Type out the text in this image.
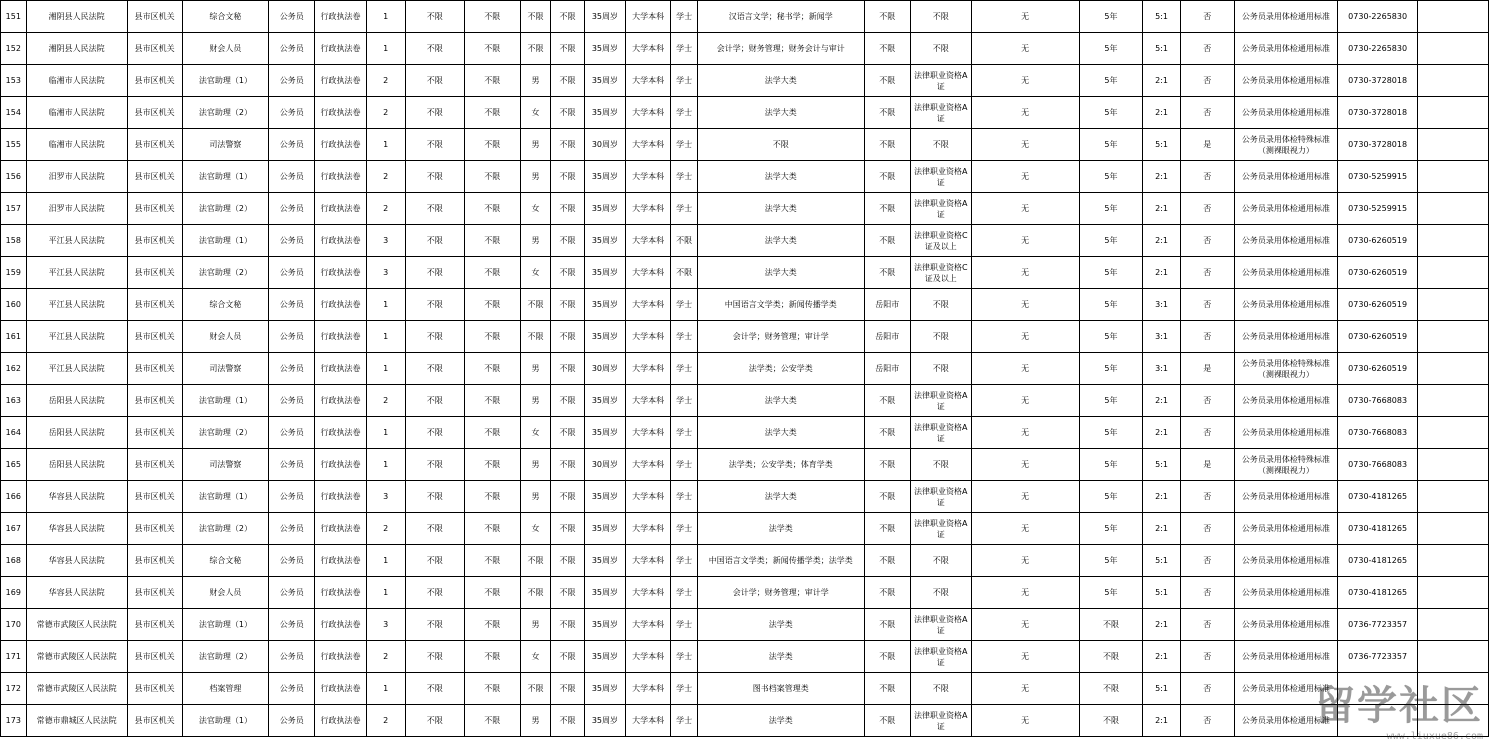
151	湘阴县人民法院	县市区机关	综合文秘	公务员	行政执法卷	1	不限	不限	不限	不限	35周岁	大学本科	学士	汉语言文学；秘书学；新闻学	不限	不限	无	5年	5:1	否	公务员录用体检通用标准	0730-2265830	
152	湘阴县人民法院	县市区机关	财会人员	公务员	行政执法卷	1	不限	不限	不限	不限	35周岁	大学本科	学士	会计学；财务管理；财务会计与审计	不限	不限	无	5年	5:1	否	公务员录用体检通用标准	0730-2265830	
153	临湘市人民法院	县市区机关	法官助理（1）	公务员	行政执法卷	2	不限	不限	男	不限	35周岁	大学本科	学士	法学大类	不限	法律职业资格A证	无	5年	2:1	否	公务员录用体检通用标准	0730-3728018	
154	临湘市人民法院	县市区机关	法官助理（2）	公务员	行政执法卷	2	不限	不限	女	不限	35周岁	大学本科	学士	法学大类	不限	法律职业资格A证	无	5年	2:1	否	公务员录用体检通用标准	0730-3728018	
155	临湘市人民法院	县市区机关	司法警察	公务员	行政执法卷	1	不限	不限	男	不限	30周岁	大学本科	学士	不限	不限	不限	无	5年	5:1	是	公务员录用体检特殊标准（测裸眼视力）	0730-3728018	
156	汨罗市人民法院	县市区机关	法官助理（1）	公务员	行政执法卷	2	不限	不限	男	不限	35周岁	大学本科	学士	法学大类	不限	法律职业资格A证	无	5年	2:1	否	公务员录用体检通用标准	0730-5259915	
157	汨罗市人民法院	县市区机关	法官助理（2）	公务员	行政执法卷	2	不限	不限	女	不限	35周岁	大学本科	学士	法学大类	不限	法律职业资格A证	无	5年	2:1	否	公务员录用体检通用标准	0730-5259915	
158	平江县人民法院	县市区机关	法官助理（1）	公务员	行政执法卷	3	不限	不限	男	不限	35周岁	大学本科	不限	法学大类	不限	法律职业资格C证及以上	无	5年	2:1	否	公务员录用体检通用标准	0730-6260519	
159	平江县人民法院	县市区机关	法官助理（2）	公务员	行政执法卷	3	不限	不限	女	不限	35周岁	大学本科	不限	法学大类	不限	法律职业资格C证及以上	无	5年	2:1	否	公务员录用体检通用标准	0730-6260519	
160	平江县人民法院	县市区机关	综合文秘	公务员	行政执法卷	1	不限	不限	不限	不限	35周岁	大学本科	学士	中国语言文学类；新闻传播学类	岳阳市	不限	无	5年	3:1	否	公务员录用体检通用标准	0730-6260519	
161	平江县人民法院	县市区机关	财会人员	公务员	行政执法卷	1	不限	不限	不限	不限	35周岁	大学本科	学士	会计学；财务管理；审计学	岳阳市	不限	无	5年	3:1	否	公务员录用体检通用标准	0730-6260519	
162	平江县人民法院	县市区机关	司法警察	公务员	行政执法卷	1	不限	不限	男	不限	30周岁	大学本科	学士	法学类；公安学类	岳阳市	不限	无	5年	3:1	是	公务员录用体检特殊标准（测裸眼视力）	0730-6260519	
163	岳阳县人民法院	县市区机关	法官助理（1）	公务员	行政执法卷	2	不限	不限	男	不限	35周岁	大学本科	学士	法学大类	不限	法律职业资格A证	无	5年	2:1	否	公务员录用体检通用标准	0730-7668083	
164	岳阳县人民法院	县市区机关	法官助理（2）	公务员	行政执法卷	1	不限	不限	女	不限	35周岁	大学本科	学士	法学大类	不限	法律职业资格A证	无	5年	2:1	否	公务员录用体检通用标准	0730-7668083	
165	岳阳县人民法院	县市区机关	司法警察	公务员	行政执法卷	1	不限	不限	男	不限	30周岁	大学本科	学士	法学类；公安学类；体育学类	不限	不限	无	5年	5:1	是	公务员录用体检特殊标准（测裸眼视力）	0730-7668083	
166	华容县人民法院	县市区机关	法官助理（1）	公务员	行政执法卷	3	不限	不限	男	不限	35周岁	大学本科	学士	法学大类	不限	法律职业资格A证	无	5年	2:1	否	公务员录用体检通用标准	0730-4181265	
167	华容县人民法院	县市区机关	法官助理（2）	公务员	行政执法卷	2	不限	不限	女	不限	35周岁	大学本科	学士	法学类	不限	法律职业资格A证	无	5年	2:1	否	公务员录用体检通用标准	0730-4181265	
168	华容县人民法院	县市区机关	综合文秘	公务员	行政执法卷	1	不限	不限	不限	不限	35周岁	大学本科	学士	中国语言文学类；新闻传播学类；法学类	不限	不限	无	5年	5:1	否	公务员录用体检通用标准	0730-4181265	
169	华容县人民法院	县市区机关	财会人员	公务员	行政执法卷	1	不限	不限	不限	不限	35周岁	大学本科	学士	会计学；财务管理；审计学	不限	不限	无	5年	5:1	否	公务员录用体检通用标准	0730-4181265	
170	常德市武陵区人民法院	县市区机关	法官助理（1）	公务员	行政执法卷	3	不限	不限	男	不限	35周岁	大学本科	学士	法学类	不限	法律职业资格A证	无	不限	2:1	否	公务员录用体检通用标准	0736-7723357	
171	常德市武陵区人民法院	县市区机关	法官助理（2）	公务员	行政执法卷	2	不限	不限	女	不限	35周岁	大学本科	学士	法学类	不限	法律职业资格A证	无	不限	2:1	否	公务员录用体检通用标准	0736-7723357	
172	常德市武陵区人民法院	县市区机关	档案管理	公务员	行政执法卷	1	不限	不限	不限	不限	35周岁	大学本科	学士	图书档案管理类	不限	不限	无	不限	5:1	否	公务员录用体检通用标准		
173	常德市鼎城区人民法院	县市区机关	法官助理（1）	公务员	行政执法卷	2	不限	不限	男	不限	35周岁	大学本科	学士	法学类	不限	法律职业资格A证	无	不限	2:1	否	公务员录用体检通用标准		
留学社区
www.liuxue86.com
